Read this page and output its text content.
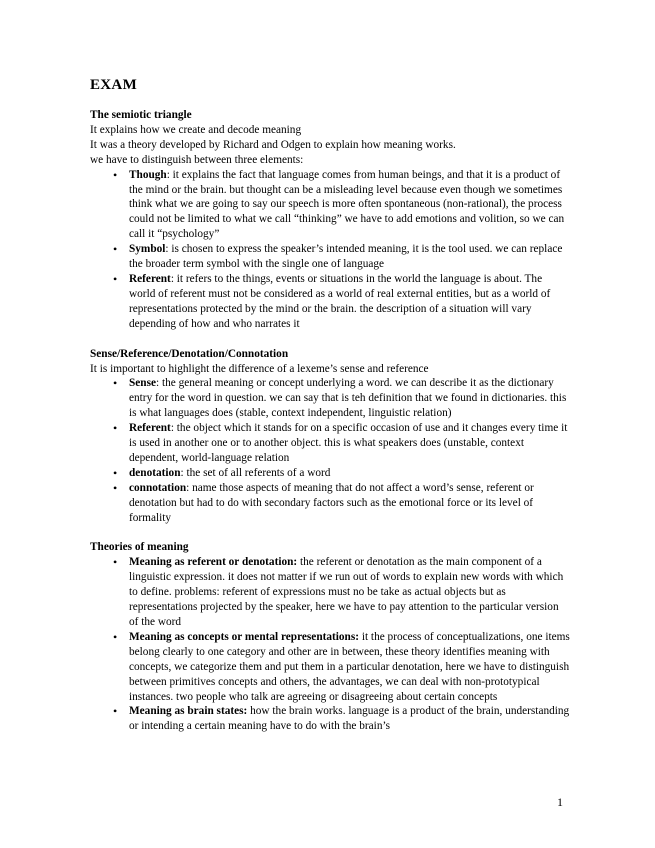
EXAM
The semiotic triangle

It explains how we create and decode meaning

It was a theory developed by Richard and Odgen to explain how meaning works.

we have to distinguish between three elements:

• Though: it explains the fact that language comes from human beings, and that it is a product of the mind or the brain. but thought can be a misleading level because even though we sometimes think what we are going to say our speech is more often spontaneous (non-rational), the process could not be limited to what we call “thinking” we have to add emotions and volition, so we can call it “psychology”
• Symbol: is chosen to express the speaker’s intended meaning, it is the tool used. we can replace the broader term symbol with the single one of language
• Referent: it refers to the things, events or situations in the world the language is about. The world of referent must not be considered as a world of real external entities, but as a world of representations protected by the mind or the brain. the description of a situation will vary depending of how and who narrates it
Sense/Reference/Denotation/Connotation

It is important to highlight the difference of a lexeme’s sense and reference

• Sense: the general meaning or concept underlying a word. we can describe it as the dictionary entry for the word in question. we can say that is teh definition that we found in dictionaries. this is what languages does (stable, context independent, linguistic relation)
• Referent: the object which it stands for on a specific occasion of use and it changes every time it is used in another one or to another object. this is what speakers does (unstable, context dependent, world-language relation
• denotation: the set of all referents of a word
• connotation: name those aspects of meaning that do not affect a word’s sense, referent or denotation but had to do with secondary factors such as the emotional force or its level of formality
Theories of meaning
• Meaning as referent or denotation: the referent or denotation as the main component of a linguistic expression. it does not matter if we run out of words to explain new words with which to define. problems: referent of expressions must no be take as actual objects but as representations projected by the speaker, here we have to pay attention to the particular version of the word
• Meaning as concepts or mental representations: it the process of conceptualizations, one items belong clearly to one category and other are in between, these theory identifies meaning with concepts, we categorize them and put them in a particular denotation, here we have to distinguish between primitives concepts and others, the advantages, we can deal with non-prototypical instances. two people who talk are agreeing or disagreeing about certain concepts
• Meaning as brain states: how the brain works. language is a product of the brain, understanding or intending a certain meaning have to do with the brain’s
1
